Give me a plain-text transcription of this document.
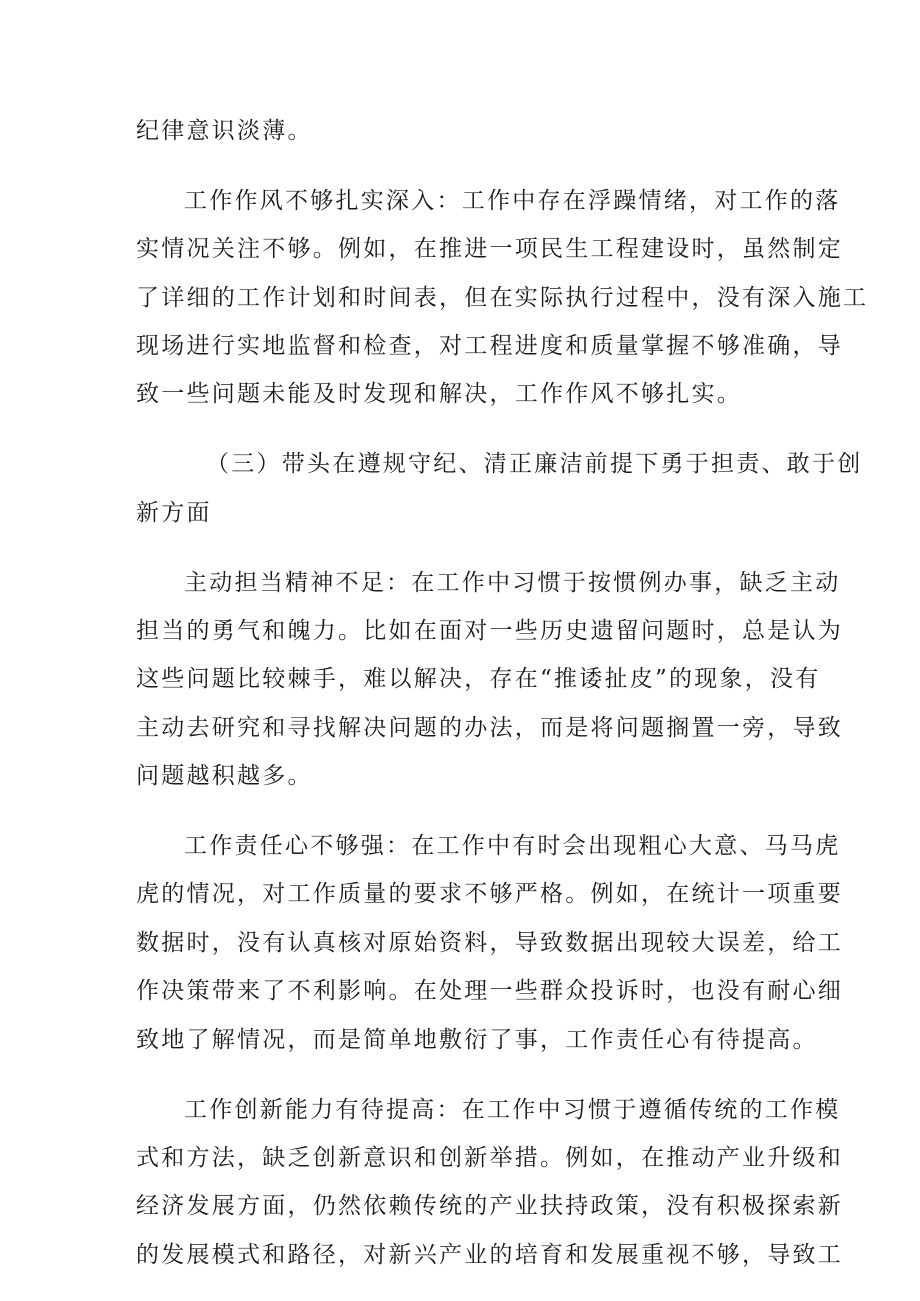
纪律意识淡薄。
工作作风不够扎实深入：工作中存在浮躁情绪，对工作的落
实情况关注不够。例如，在推进一项民生工程建设时，虽然制定
了详细的工作计划和时间表，但在实际执行过程中，没有深入施工
现场进行实地监督和检查，对工程进度和质量掌握不够准确，导
致一些问题未能及时发现和解决，工作作风不够扎实。
（三）带头在遵规守纪、清正廉洁前提下勇于担责、敢于创
新方面
主动担当精神不足：在工作中习惯于按惯例办事，缺乏主动
担当的勇气和魄力。比如在面对一些历史遗留问题时，总是认为
这些问题比较棘手，难以解决，存在“推诿扯皮”的现象，没有
主动去研究和寻找解决问题的办法，而是将问题搁置一旁，导致
问题越积越多。
工作责任心不够强：在工作中有时会出现粗心大意、马马虎
虎的情况，对工作质量的要求不够严格。例如，在统计一项重要
数据时，没有认真核对原始资料，导致数据出现较大误差，给工
作决策带来了不利影响。在处理一些群众投诉时，也没有耐心细
致地了解情况，而是简单地敷衍了事，工作责任心有待提高。
工作创新能力有待提高：在工作中习惯于遵循传统的工作模
式和方法，缺乏创新意识和创新举措。例如，在推动产业升级和
经济发展方面，仍然依赖传统的产业扶持政策，没有积极探索新
的发展模式和路径，对新兴产业的培育和发展重视不够，导致工
